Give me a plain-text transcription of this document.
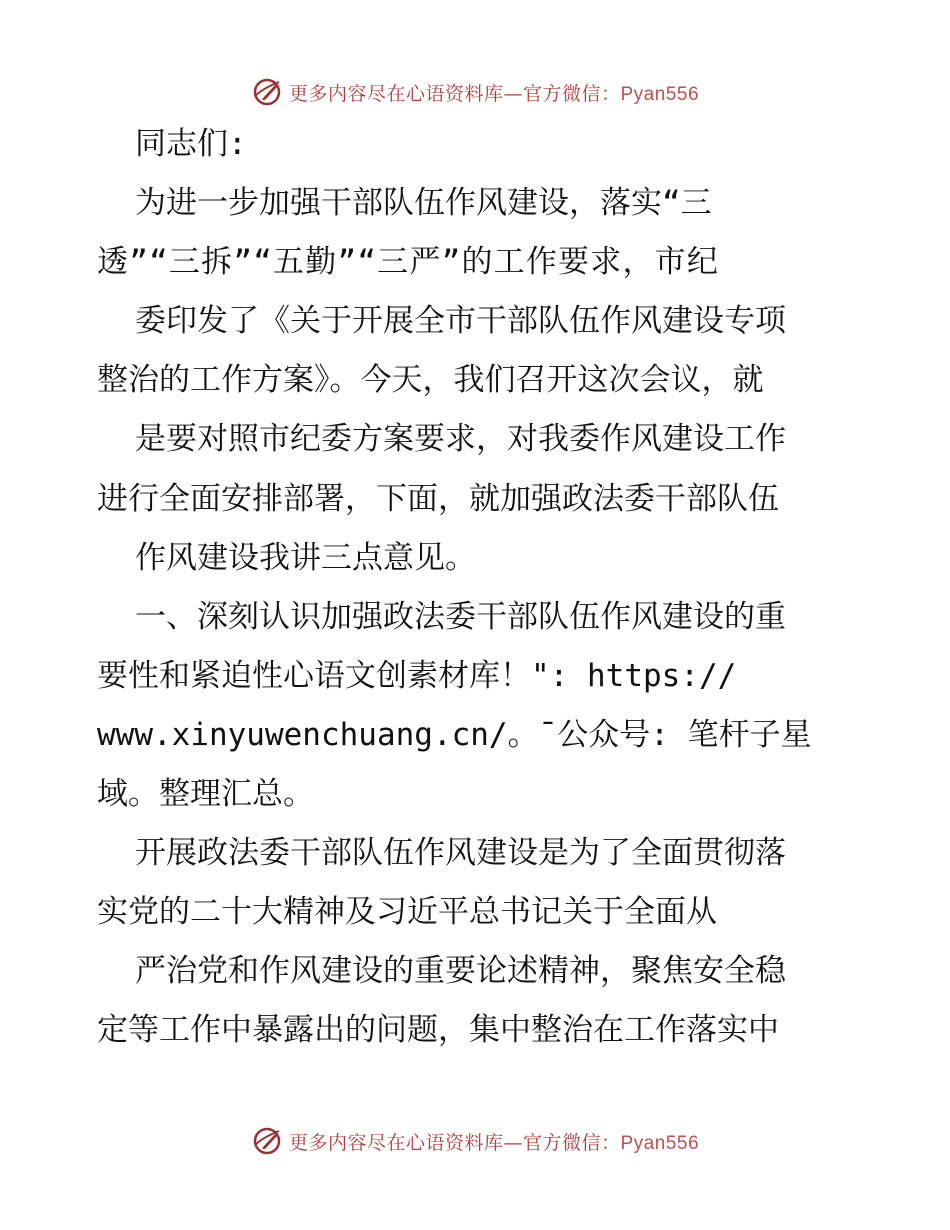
更多内容尽在心语资料库—官方微信：Pyan556
同志们:
为进一步加强干部队伍作风建设，落实“三
透”“三拆”“五勤”“三严”的工作要求，市纪
委印发了《关于开展全市干部队伍作风建设专项
整治的工作方案》。今天，我们召开这次会议，就
是要对照市纪委方案要求，对我委作风建设工作
进行全面安排部署，下面，就加强政法委干部队伍
作风建设我讲三点意见。
一、深刻认识加强政法委干部队伍作风建设的重
要性和紧迫性心语文创素材库！": https://
www.xinyuwenchuang.cn/。¯公众号: 笔杆子星
域。整理汇总。
开展政法委干部队伍作风建设是为了全面贯彻落
实党的二十大精神及习近平总书记关于全面从
严治党和作风建设的重要论述精神，聚焦安全稳
定等工作中暴露出的问题，集中整治在工作落实中
更多内容尽在心语资料库—官方微信：Pyan556
